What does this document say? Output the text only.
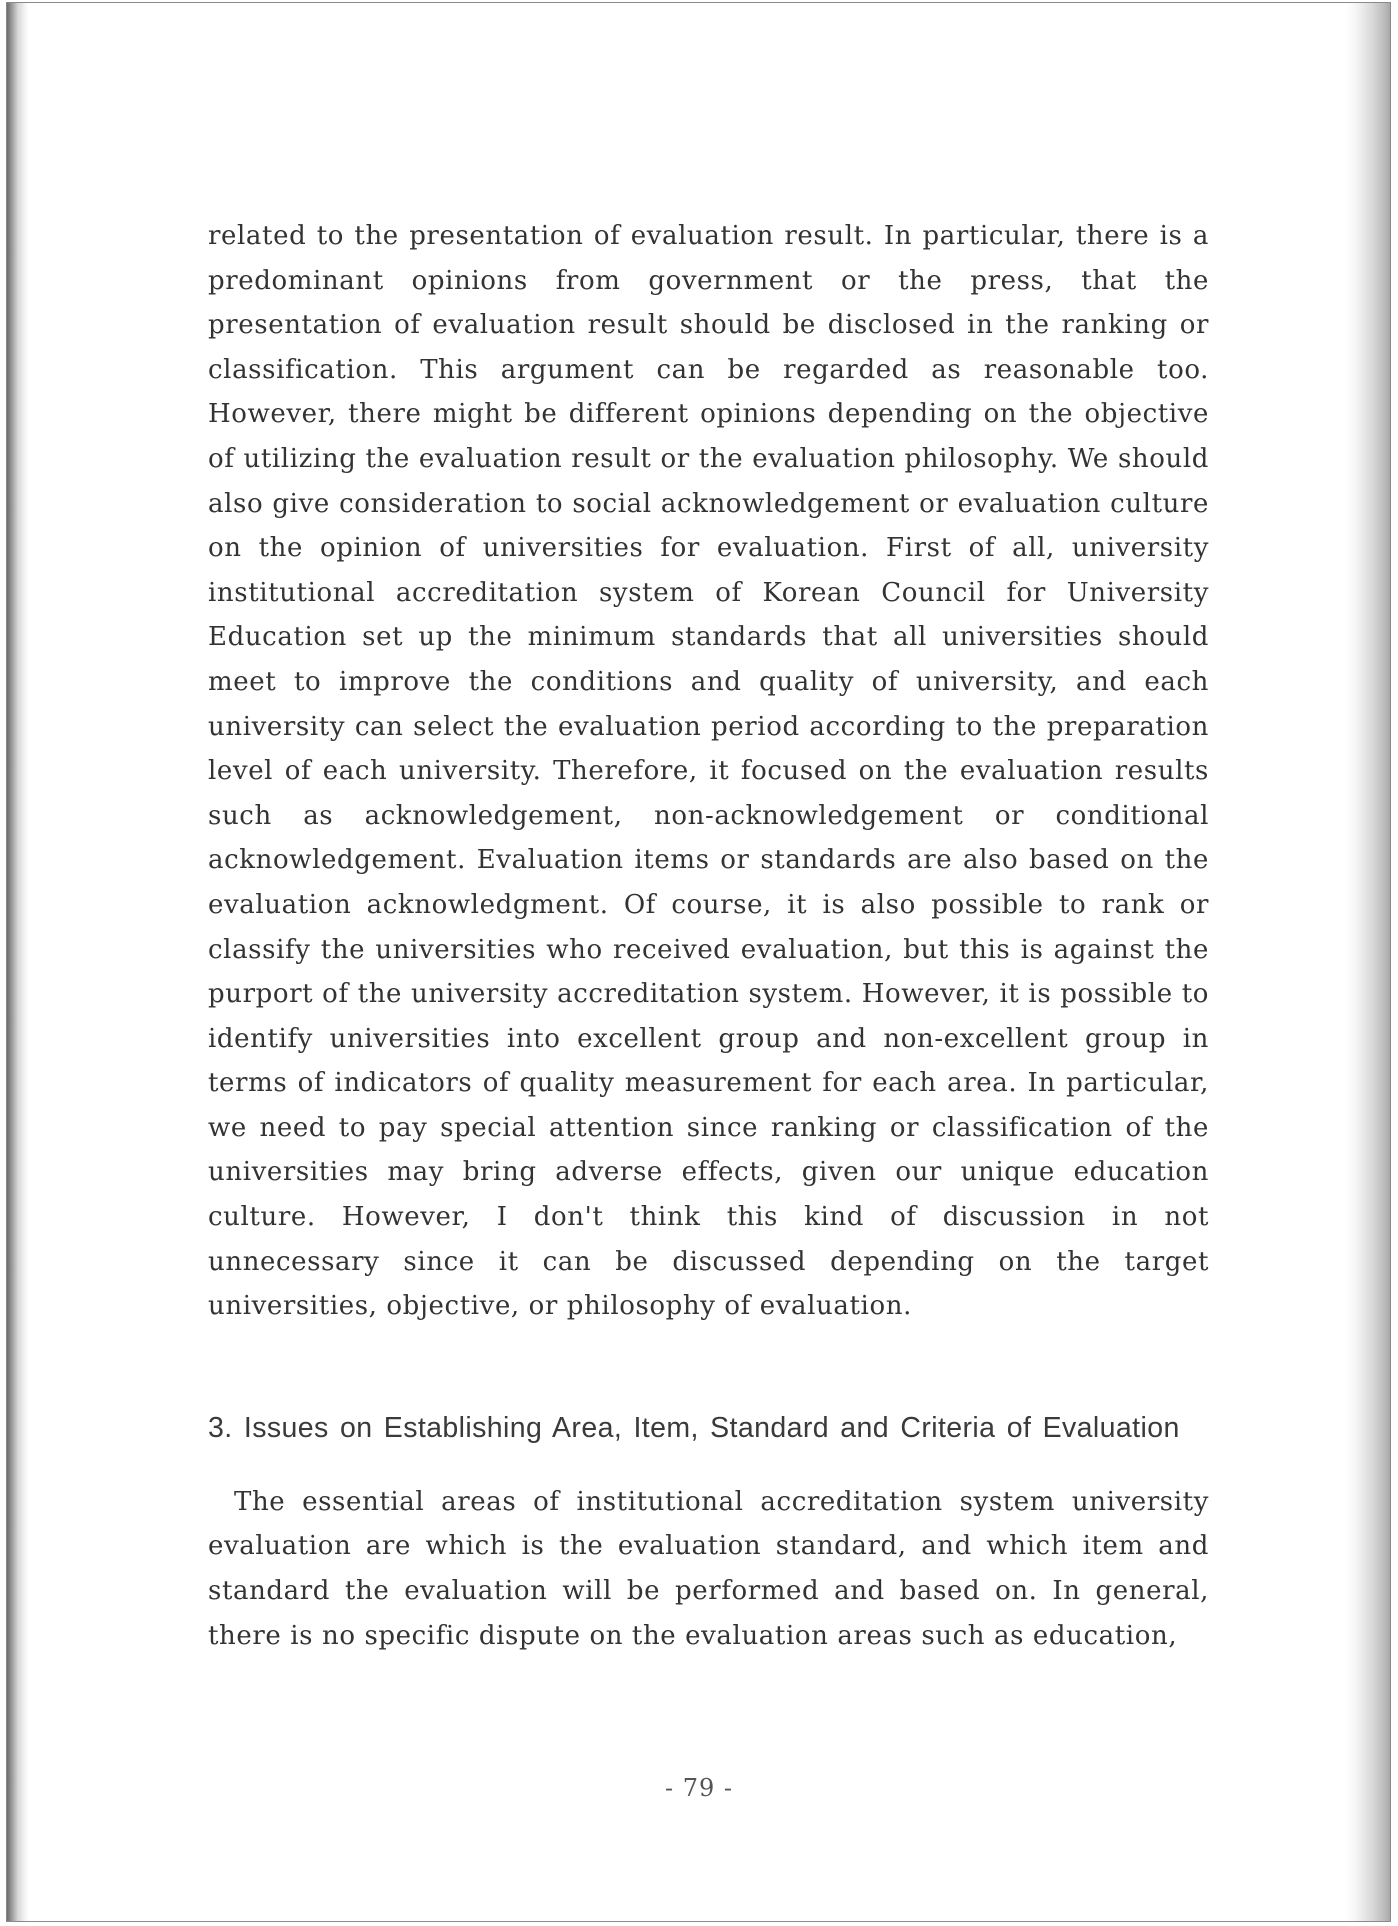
related to the presentation of evaluation result. In particular, there is a predominant opinions from government or the press, that the presentation of evaluation result should be disclosed in the ranking or classification. This argument can be regarded as reasonable too. However, there might be different opinions depending on the objective of utilizing the evaluation result or the evaluation philosophy. We should also give consideration to social acknowledgement or evaluation culture on the opinion of universities for evaluation. First of all, university institutional accreditation system of Korean Council for University Education set up the minimum standards that all universities should meet to improve the conditions and quality of university, and each university can select the evaluation period according to the preparation level of each university. Therefore, it focused on the evaluation results such as acknowledgement, non-acknowledgement or conditional acknowledgement. Evaluation items or standards are also based on the evaluation acknowledgment. Of course, it is also possible to rank or classify the universities who received evaluation, but this is against the purport of the university accreditation system. However, it is possible to identify universities into excellent group and non-excellent group in terms of indicators of quality measurement for each area. In particular, we need to pay special attention since ranking or classification of the universities may bring adverse effects, given our unique education culture. However, I don't think this kind of discussion in not unnecessary since it can be discussed depending on the target universities, objective, or philosophy of evaluation.

3. Issues on Establishing Area, Item, Standard and Criteria of Evaluation

The essential areas of institutional accreditation system university evaluation are which is the evaluation standard, and which item and standard the evaluation will be performed and based on. In general, there is no specific dispute on the evaluation areas such as education,

- 79 -
